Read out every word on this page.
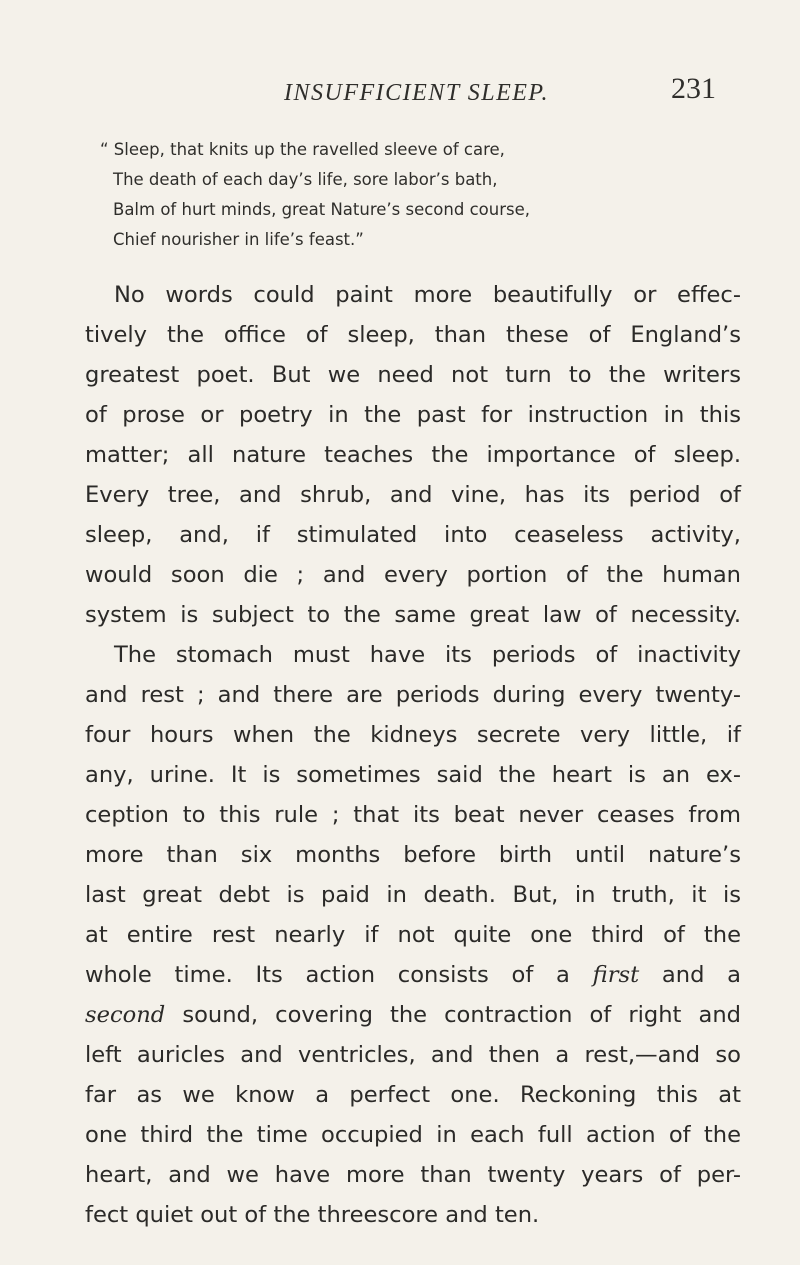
INSUFFICIENT SLEEP.	231
“ Sleep, that knits up the ravelled sleeve of care,
The death of each day’s life, sore labor’s bath,
Balm of hurt minds, great Nature’s second course,
Chief nourisher in life’s feast.”
No words could paint more beautifully or effec-
tively the office of sleep, than these of England’s
greatest poet. But we need not turn to the writers
of prose or poetry in the past for instruction in this
matter; all nature teaches the importance of sleep.
Every tree, and shrub, and vine, has its period of
sleep, and, if stimulated into ceaseless activity,
would soon die ; and every portion of the human
system is subject to the same great law of necessity.
The stomach must have its periods of inactivity
and rest ; and there are periods during every twenty-
four hours when the kidneys secrete very little, if
any, urine. It is sometimes said the heart is an ex-
ception to this rule ; that its beat never ceases from
more than six months before birth until nature’s
last great debt is paid in death. But, in truth, it is
at entire rest nearly if not quite one third of the
whole time. Its action consists of a first and a
second sound, covering the contraction of right and
left auricles and ventricles, and then a rest,—and so
far as we know a perfect one. Reckoning this at
one third the time occupied in each full action of the
heart, and we have more than twenty years of per-
fect quiet out of the threescore and ten.
